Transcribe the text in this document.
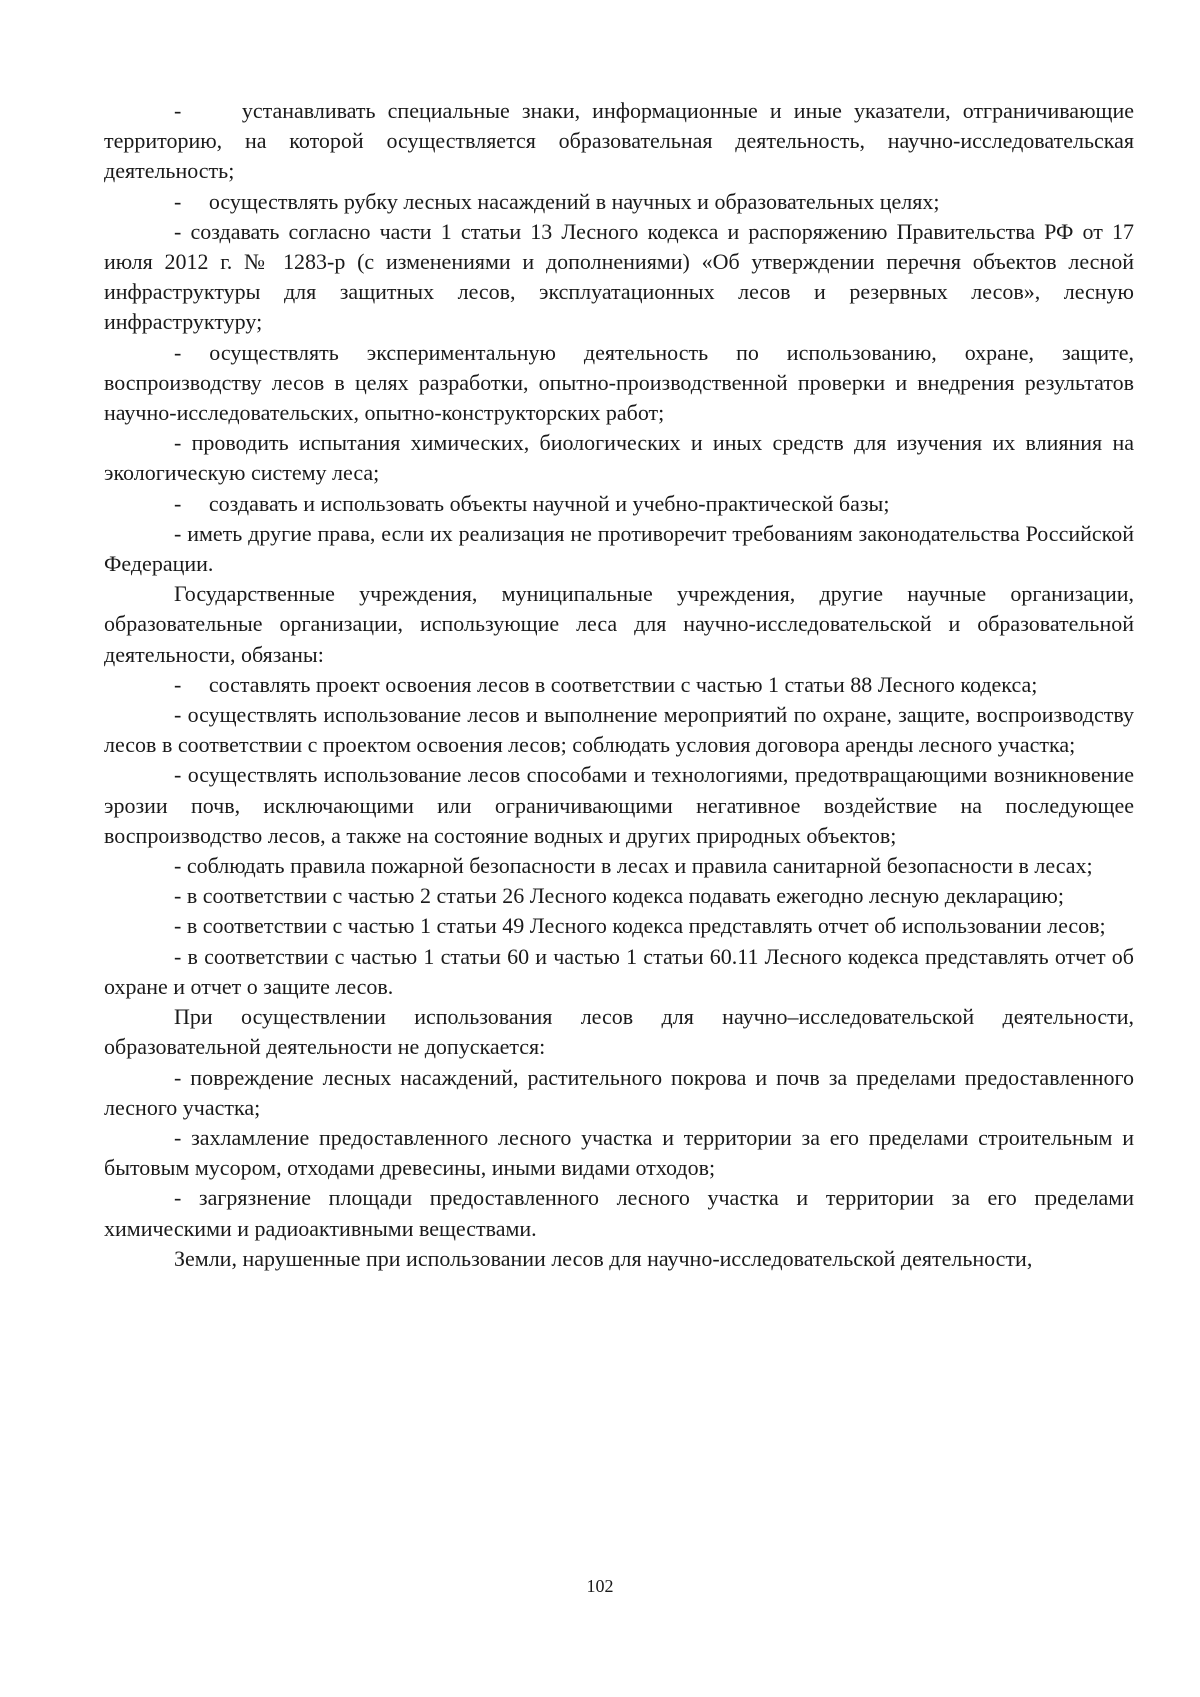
-     устанавливать специальные знаки, информационные и иные указатели, отграничивающие территорию, на которой осуществляется образовательная деятельность, научно-исследовательская деятельность;

-     осуществлять рубку лесных насаждений в научных и образовательных целях;

- создавать согласно части 1 статьи 13 Лесного кодекса и распоряжению Правительства РФ от 17 июля 2012 г. № 1283-р (с изменениями и дополнениями) «Об утверждении перечня объектов лесной инфраструктуры для защитных лесов, эксплуатационных лесов и резервных лесов», лесную инфраструктуру;

- осуществлять экспериментальную деятельность по использованию, охране, защите, воспроизводству лесов в целях разработки, опытно-производственной проверки и внедрения результатов научно-исследовательских, опытно-конструкторских работ;

- проводить испытания химических, биологических и иных средств для изучения их влияния на экологическую систему леса;

-     создавать и использовать объекты научной и учебно-практической базы;

- иметь другие права, если их реализация не противоречит требованиям законодательства Российской Федерации.

Государственные учреждения, муниципальные учреждения, другие научные организации, образовательные организации, использующие леса для научно-исследовательской и образовательной деятельности, обязаны:

-     составлять проект освоения лесов в соответствии с частью 1 статьи 88 Лесного кодекса;

- осуществлять использование лесов и выполнение мероприятий по охране, защите, воспроизводству лесов в соответствии с проектом освоения лесов; соблюдать условия договора аренды лесного участка;

- осуществлять использование лесов способами и технологиями, предотвращающими возникновение эрозии почв, исключающими или ограничивающими негативное воздействие на последующее воспроизводство лесов, а также на состояние водных и других природных объектов;

- соблюдать правила пожарной безопасности в лесах и правила санитарной безопасности в лесах;

- в соответствии с частью 2 статьи 26 Лесного кодекса подавать ежегодно лесную декларацию;

- в соответствии с частью 1 статьи 49 Лесного кодекса представлять отчет об использовании лесов;

- в соответствии с частью 1 статьи 60 и частью 1 статьи 60.11 Лесного кодекса представлять отчет об охране и отчет о защите лесов.

При осуществлении использования лесов для научно–исследовательской деятельности, образовательной деятельности не допускается:

- повреждение лесных насаждений, растительного покрова и почв за пределами предоставленного лесного участка;

- захламление предоставленного лесного участка и территории за его пределами строительным и бытовым мусором, отходами древесины, иными видами отходов;

- загрязнение площади предоставленного лесного участка и территории за его пределами химическими и радиоактивными веществами.

Земли, нарушенные при использовании лесов для научно-исследовательской деятельности,

102
